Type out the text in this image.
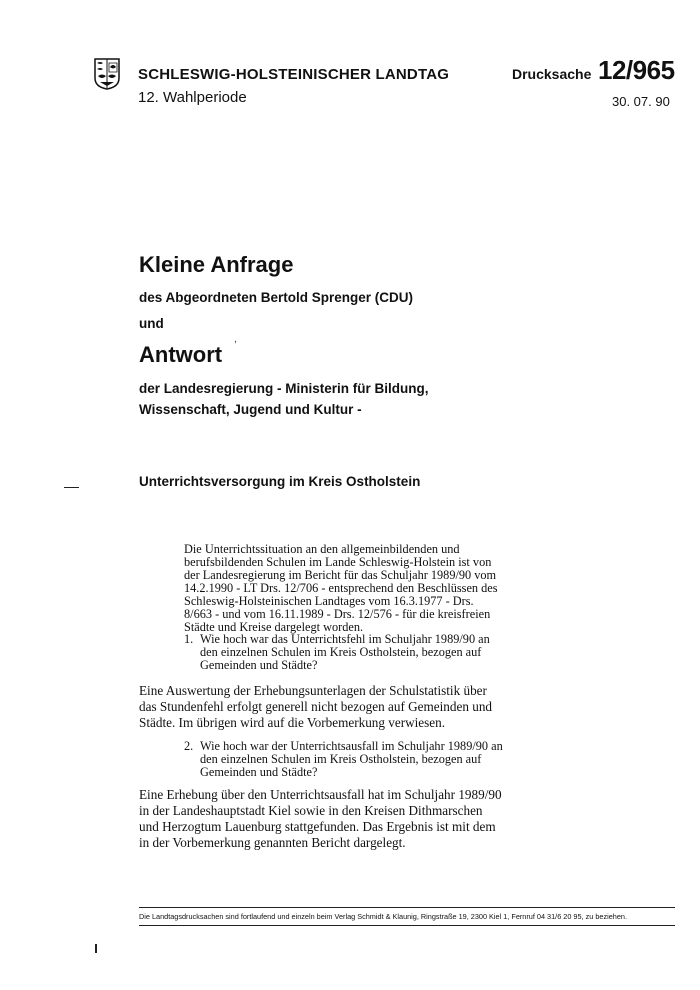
SCHLESWIG-HOLSTEINISCHER LANDTAG
12. Wahlperiode
Drucksache 12/965
30. 07. 90
Kleine Anfrage
des Abgeordneten Bertold Sprenger (CDU)
und
,
Antwort
der Landesregierung - Ministerin für Bildung,
Wissenschaft, Jugend und Kultur -
Unterrichtsversorgung im Kreis Ostholstein
Die Unterrichtssituation an den allgemeinbildenden und berufsbildenden Schulen im Lande Schleswig-Holstein ist von der Landesregierung im Bericht für das Schuljahr 1989/90 vom 14.2.1990 - LT Drs. 12/706 - entsprechend den Beschlüssen des Schleswig-Holsteinischen Landtages vom 16.3.1977 - Drs. 8/663 - und vom 16.11.1989 - Drs. 12/576 - für die kreisfreien Städte und Kreise dargelegt worden.
1. Wie hoch war das Unterrichtsfehl im Schuljahr 1989/90 an den einzelnen Schulen im Kreis Ostholstein, bezogen auf Gemeinden und Städte?
Eine Auswertung der Erhebungsunterlagen der Schulstatistik über das Stundenfehl erfolgt generell nicht bezogen auf Gemeinden und Städte. Im übrigen wird auf die Vorbemerkung verwiesen.
2. Wie hoch war der Unterrichtsausfall im Schuljahr 1989/90 an den einzelnen Schulen im Kreis Ostholstein, bezogen auf Gemeinden und Städte?
Eine Erhebung über den Unterrichtsausfall hat im Schuljahr 1989/90 in der Landeshauptstadt Kiel sowie in den Kreisen Dithmarschen und Herzogtum Lauenburg stattgefunden. Das Ergebnis ist mit dem in der Vorbemerkung genannten Bericht dargelegt.
Die Landtagsdrucksachen sind fortlaufend und einzeln beim Verlag Schmidt & Klaunig, Ringstraße 19, 2300 Kiel 1, Fernruf 04 31/6 20 95, zu beziehen.
